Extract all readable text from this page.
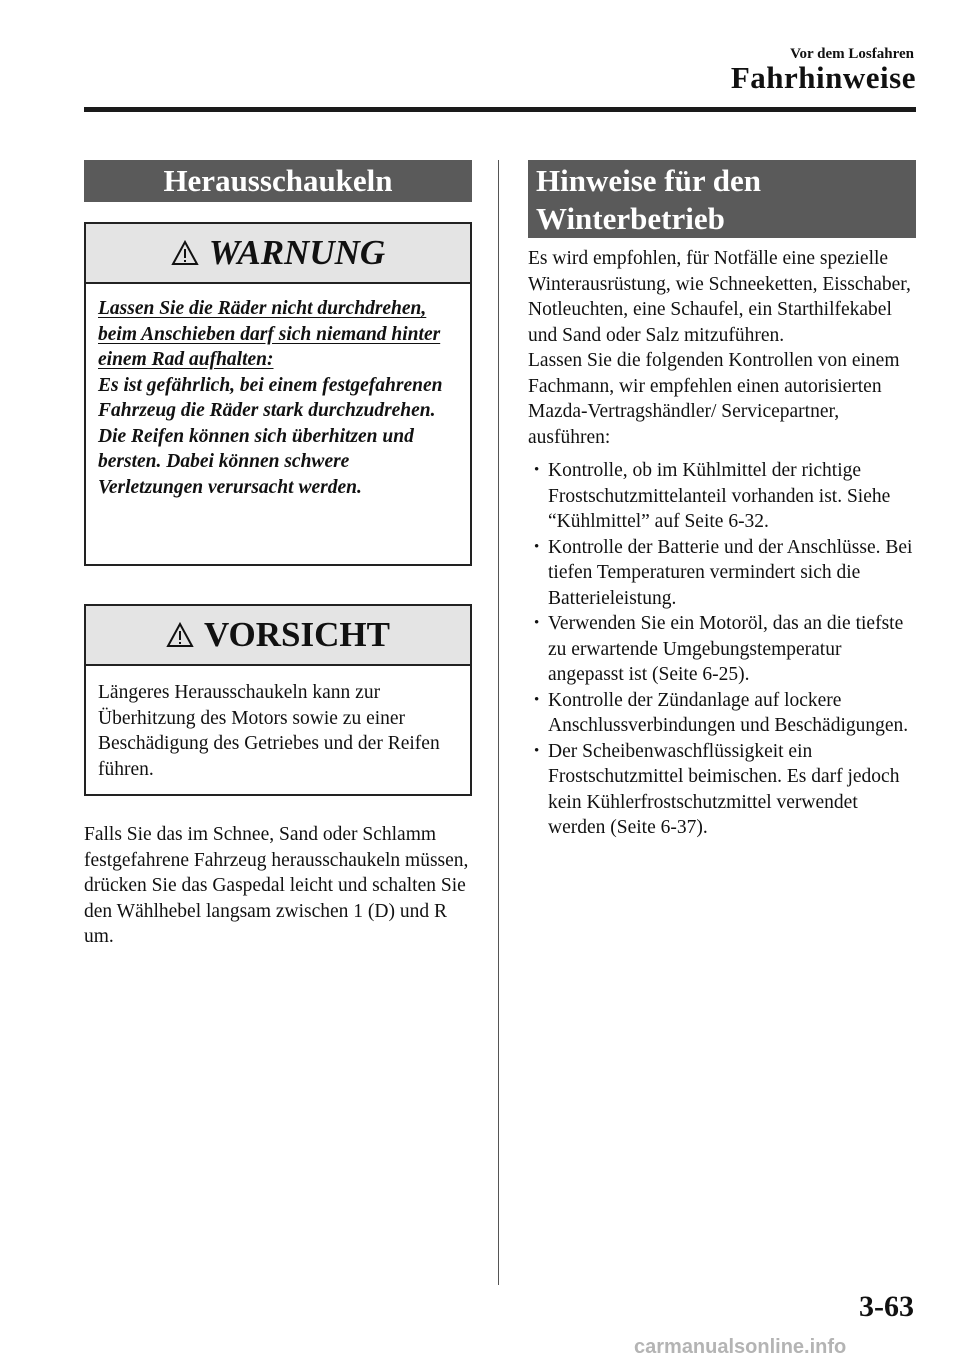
Vor dem Losfahren
Fahrhinweise
Herausschaukeln
WARNUNG
Lassen Sie die Räder nicht durchdrehen, beim Anschieben darf sich niemand hinter einem Rad aufhalten:
Es ist gefährlich, bei einem festgefahrenen Fahrzeug die Räder stark durchzudrehen. Die Reifen können sich überhitzen und bersten. Dabei können schwere Verletzungen verursacht werden.
VORSICHT
Längeres Herausschaukeln kann zur Überhitzung des Motors sowie zu einer Beschädigung des Getriebes und der Reifen führen.

Falls Sie das im Schnee, Sand oder Schlamm festgefahrene Fahrzeug herausschaukeln müssen, drücken Sie das Gaspedal leicht und schalten Sie den Wählhebel langsam zwischen 1 (D) und R um.

Hinweise für den Winterbetrieb

Es wird empfohlen, für Notfälle eine spezielle Winterausrüstung, wie Schneeketten, Eisschaber, Notleuchten, eine Schaufel, ein Starthilfekabel und Sand oder Salz mitzuführen.

Lassen Sie die folgenden Kontrollen von einem Fachmann, wir empfehlen einen autorisierten Mazda-Vertragshändler/ Servicepartner, ausführen:

• Kontrolle, ob im Kühlmittel der richtige Frostschutzmittelanteil vorhanden ist. Siehe “Kühlmittel” auf Seite 6-32.
• Kontrolle der Batterie und der Anschlüsse. Bei tiefen Temperaturen vermindert sich die Batterieleistung.
• Verwenden Sie ein Motoröl, das an die tiefste zu erwartende Umgebungstemperatur angepasst ist (Seite 6-25).
• Kontrolle der Zündanlage auf lockere Anschlussverbindungen und Beschädigungen.
• Der Scheibenwaschflüssigkeit ein Frostschutzmittel beimischen. Es darf jedoch kein Kühlerfrostschutzmittel verwendet werden (Seite 6-37).
3-63
carmanualsonline.info
